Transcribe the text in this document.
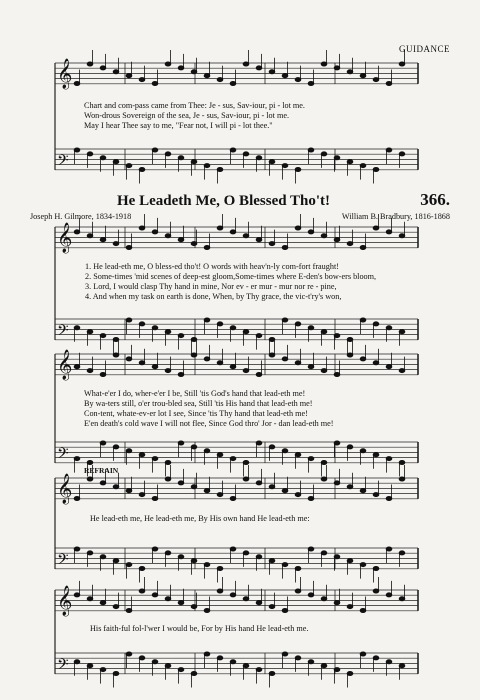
GUIDANCE
𝄞
𝄢
𝄞
𝄢
𝄞
𝄢
𝄞
𝄢
𝄞
𝄢
Chart and com-pass came from Thee: Je - sus, Sav-iour, pi - lot me.
Won-drous Sovereign of the sea, Je - sus, Sav-iour, pi - lot me.
May I hear Thee say to me, "Fear not, I will pi - lot thee."
He Leadeth Me, O Blessed Tho't!	366.
Joseph H. Gilmore, 1834-1918	William B. Bradbury, 1816-1868
1. He lead-eth me, O bless-ed tho't! O words with heav'n-ly com-fort fraught!
2. Some-times 'mid scenes of deep-est gloom,Some-times where E-den's bow-ers bloom,
3. Lord, I would clasp Thy hand in mine, Nor ev - er mur - mur nor re - pine,
4. And when my task on earth is done, When, by Thy grace, the vic-t'ry's won,
What-e'er I do, wher-e'er I be, Still 'tis God's hand that lead-eth me!
By wa-ters still, o'er trou-bled sea, Still 'tis His hand that lead-eth me!
Con-tent, whate-ev-er lot I see, Since 'tis Thy hand that lead-eth me!
E'en death's cold wave I will not flee, Since God thro' Jor - dan lead-eth me!
REFRAIN
He lead-eth me, He lead-eth me, By His own hand He lead-eth me:
His faith-ful fol-l'wer I would be, For by His hand He lead-eth me.
